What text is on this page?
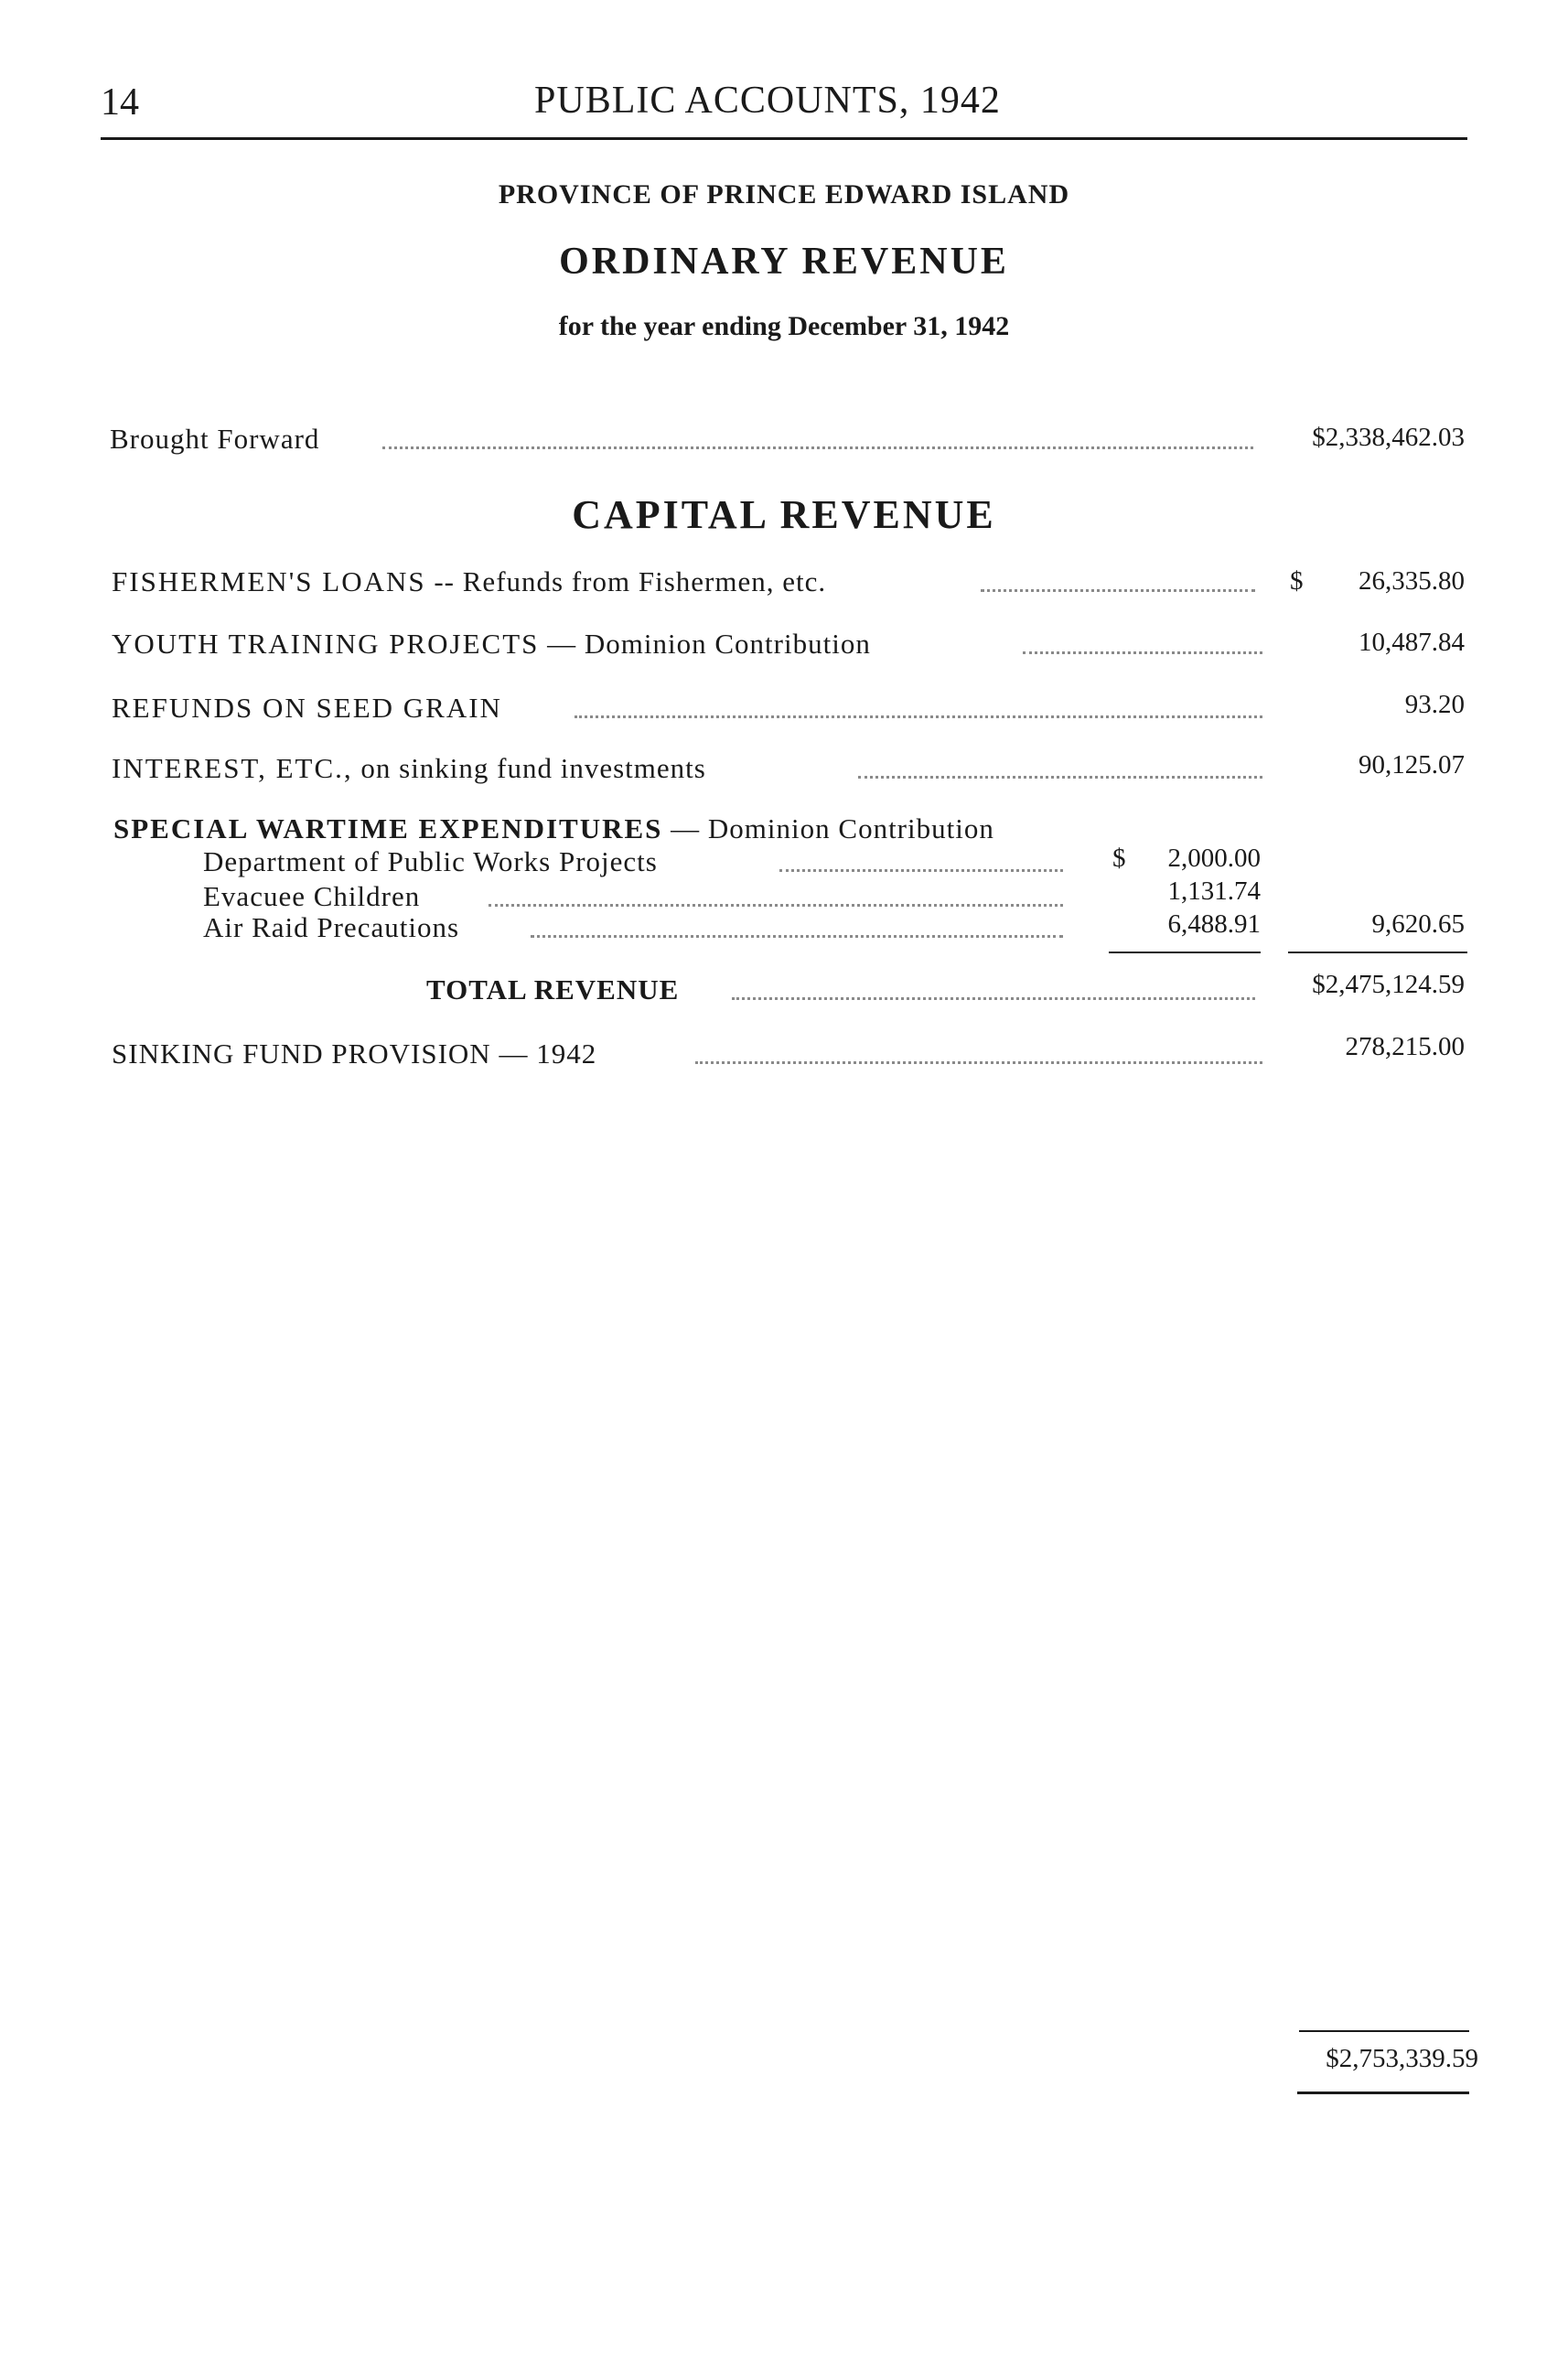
14	PUBLIC ACCOUNTS, 1942
PROVINCE OF PRINCE EDWARD ISLAND
ORDINARY REVENUE
for the year ending December 31, 1942
Brought Forward	$2,338,462.03
CAPITAL REVENUE
FISHERMEN'S LOANS -- Refunds from Fishermen, etc.	$ 26,335.80
YOUTH TRAINING PROJECTS — Dominion Contribution	10,487.84
REFUNDS ON SEED GRAIN	93.20
INTEREST, ETC., on sinking fund investments	90,125.07
SPECIAL WARTIME EXPENDITURES — Dominion Contribution
Department of Public Works Projects	$ 2,000.00
Evacuee Children	1,131.74
Air Raid Precautions	6,488.91	9,620.65
TOTAL REVENUE	$2,475,124.59
SINKING FUND PROVISION — 1942	278,215.00
$2,753,339.59
